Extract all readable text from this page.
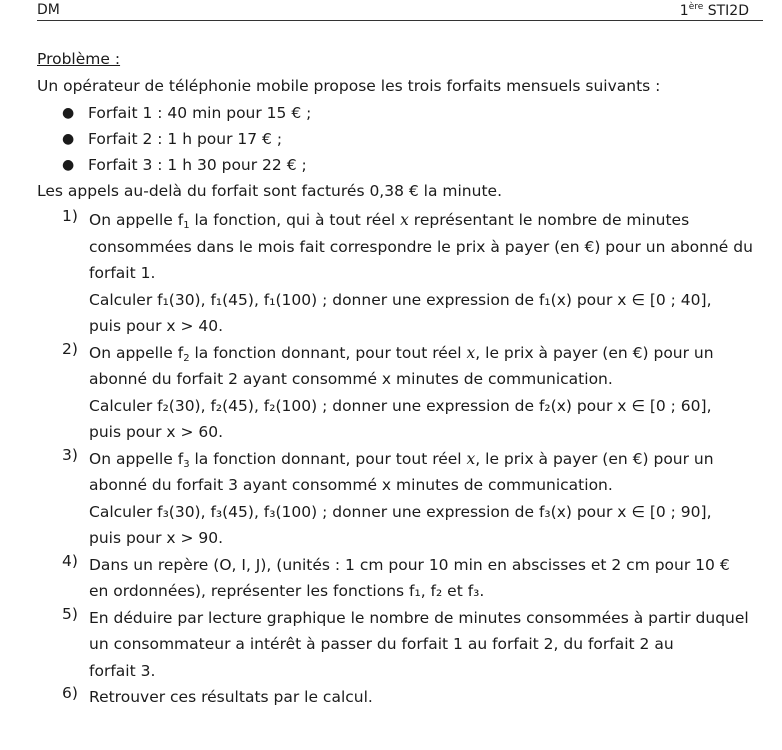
DM	1ère STI2D
Problème :
Un opérateur de téléphonie mobile propose les trois forfaits mensuels suivants :
● Forfait 1 : 40 min pour 15 € ;
● Forfait 2 : 1 h pour 17 € ;
● Forfait 3 : 1 h 30 pour 22 € ;
Les appels au-delà du forfait sont facturés 0,38 € la minute.
1) On appelle $f_1$ la fonction, qui à tout réel x représentant le nombre de minutes
consommées dans le mois fait correspondre le prix à payer (en €) pour un abonné du
forfait 1.
Calculer f₁(30), f₁(45), f₁(100) ; donner une expression de f₁(x) pour x ∈ [0 ; 40],
puis pour x > 40.
2) On appelle $f_2$ la fonction donnant, pour tout réel x, le prix à payer (en €) pour un
abonné du forfait 2 ayant consommé x minutes de communication.
Calculer f₂(30), f₂(45), f₂(100) ; donner une expression de f₂(x) pour x ∈ [0 ; 60],
puis pour x > 60.
3) On appelle $f_3$ la fonction donnant, pour tout réel x, le prix à payer (en €) pour un
abonné du forfait 3 ayant consommé x minutes de communication.
Calculer f₃(30), f₃(45), f₃(100) ; donner une expression de f₃(x) pour x ∈ [0 ; 90],
puis pour x > 90.
4) Dans un repère (O, I, J), (unités : 1 cm pour 10 min en abscisses et 2 cm pour 10 €
en ordonnées), représenter les fonctions f₁, f₂ et f₃.
5) En déduire par lecture graphique le nombre de minutes consommées à partir duquel
un consommateur a intérêt à passer du forfait 1 au forfait 2, du forfait 2 au
forfait 3.
6) Retrouver ces résultats par le calcul.
